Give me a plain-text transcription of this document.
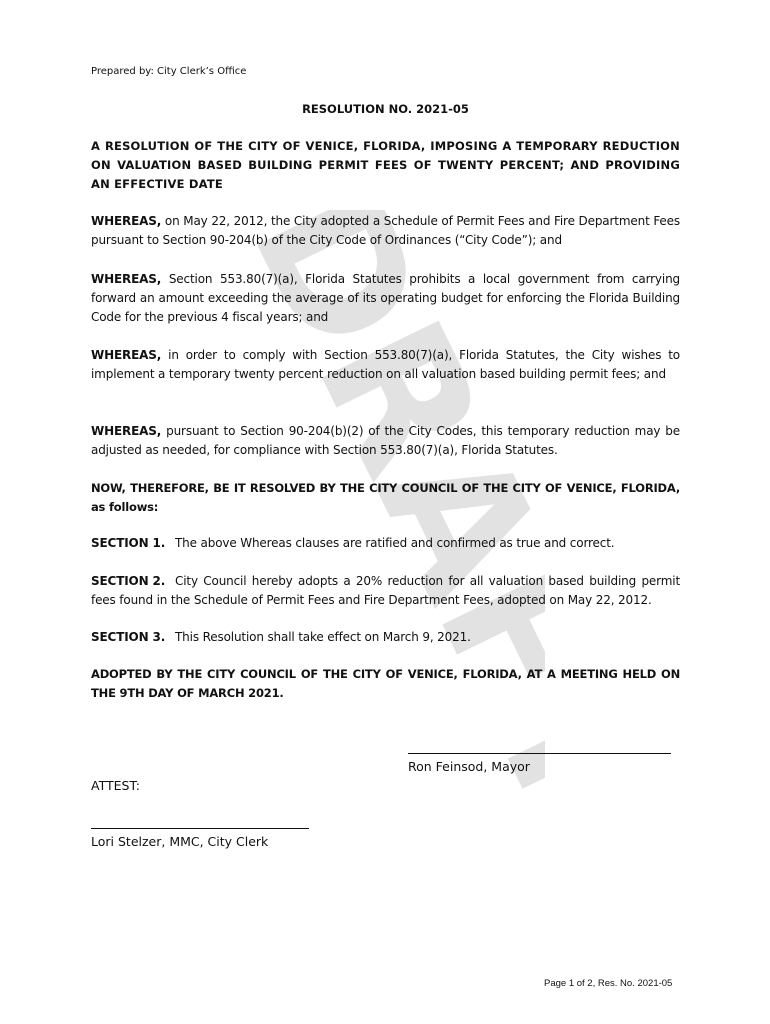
DRAFT
Prepared by: City Clerk’s Office
RESOLUTION NO. 2021-05
A RESOLUTION OF THE CITY OF VENICE, FLORIDA, IMPOSING A TEMPORARY REDUCTION ON VALUATION BASED BUILDING PERMIT FEES OF TWENTY PERCENT; AND PROVIDING AN EFFECTIVE DATE
WHEREAS, on May 22, 2012, the City adopted a Schedule of Permit Fees and Fire Department Fees pursuant to Section 90-204(b) of the City Code of Ordinances (“City Code”); and
WHEREAS, Section 553.80(7)(a), Florida Statutes prohibits a local government from carrying forward an amount exceeding the average of its operating budget for enforcing the Florida Building Code for the previous 4 fiscal years; and
WHEREAS, in order to comply with Section 553.80(7)(a), Florida Statutes, the City wishes to implement a temporary twenty percent reduction on all valuation based building permit fees; and
WHEREAS, pursuant to Section 90-204(b)(2) of the City Codes, this temporary reduction may be adjusted as needed, for compliance with Section 553.80(7)(a), Florida Statutes.
NOW, THEREFORE, BE IT RESOLVED BY THE CITY COUNCIL OF THE CITY OF VENICE, FLORIDA, as follows:
SECTION 1. The above Whereas clauses are ratified and confirmed as true and correct.
SECTION 2. City Council hereby adopts a 20% reduction for all valuation based building permit fees found in the Schedule of Permit Fees and Fire Department Fees, adopted on May 22, 2012.
SECTION 3. This Resolution shall take effect on March 9, 2021.
ADOPTED BY THE CITY COUNCIL OF THE CITY OF VENICE, FLORIDA, AT A MEETING HELD ON THE 9TH DAY OF MARCH 2021.
Ron Feinsod, Mayor
ATTEST:
Lori Stelzer, MMC, City Clerk
Page 1 of 2, Res. No. 2021-05
